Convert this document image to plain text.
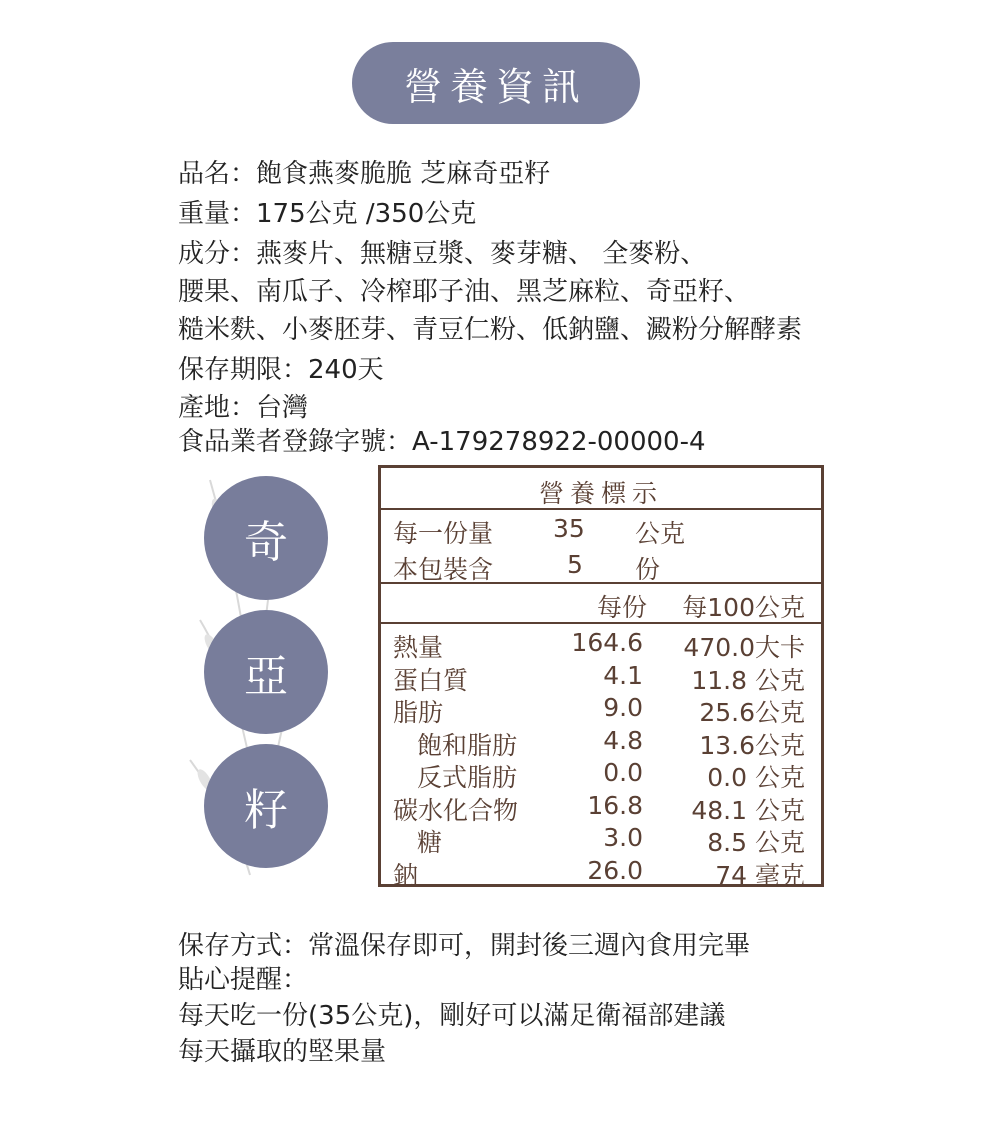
營養資訊
品名：飽食燕麥脆脆 芝麻奇亞籽
重量：175公克 /350公克
成分：燕麥片、無糖豆漿、麥芽糖、 全麥粉、
腰果、南瓜子、冷榨耶子油、黑芝麻粒、奇亞籽、
糙米麩、小麥胚芽、青豆仁粉、低鈉鹽、澱粉分解酵素
保存期限：240天
產地：台灣
食品業者登錄字號：A-179278922-00000-4
奇
亞
籽
營養標示
每一份量 35 公克
本包裝含	5 份
每份 每100公克
熱量	164.6 470.0大卡
蛋白質	4.1 11.8 公克
脂肪	9.0 25.6公克
飽和脂肪	4.8 13.6公克
反式脂肪	0.0	0.0 公克
碳水化合物	16.8 48.1 公克
糖	3.0	8.5 公克
鈉	26.0	74 毫克
保存方式：常溫保存即可，開封後三週內食用完畢
貼心提醒：
每天吃一份(35公克)，剛好可以滿足衛福部建議
每天攝取的堅果量
